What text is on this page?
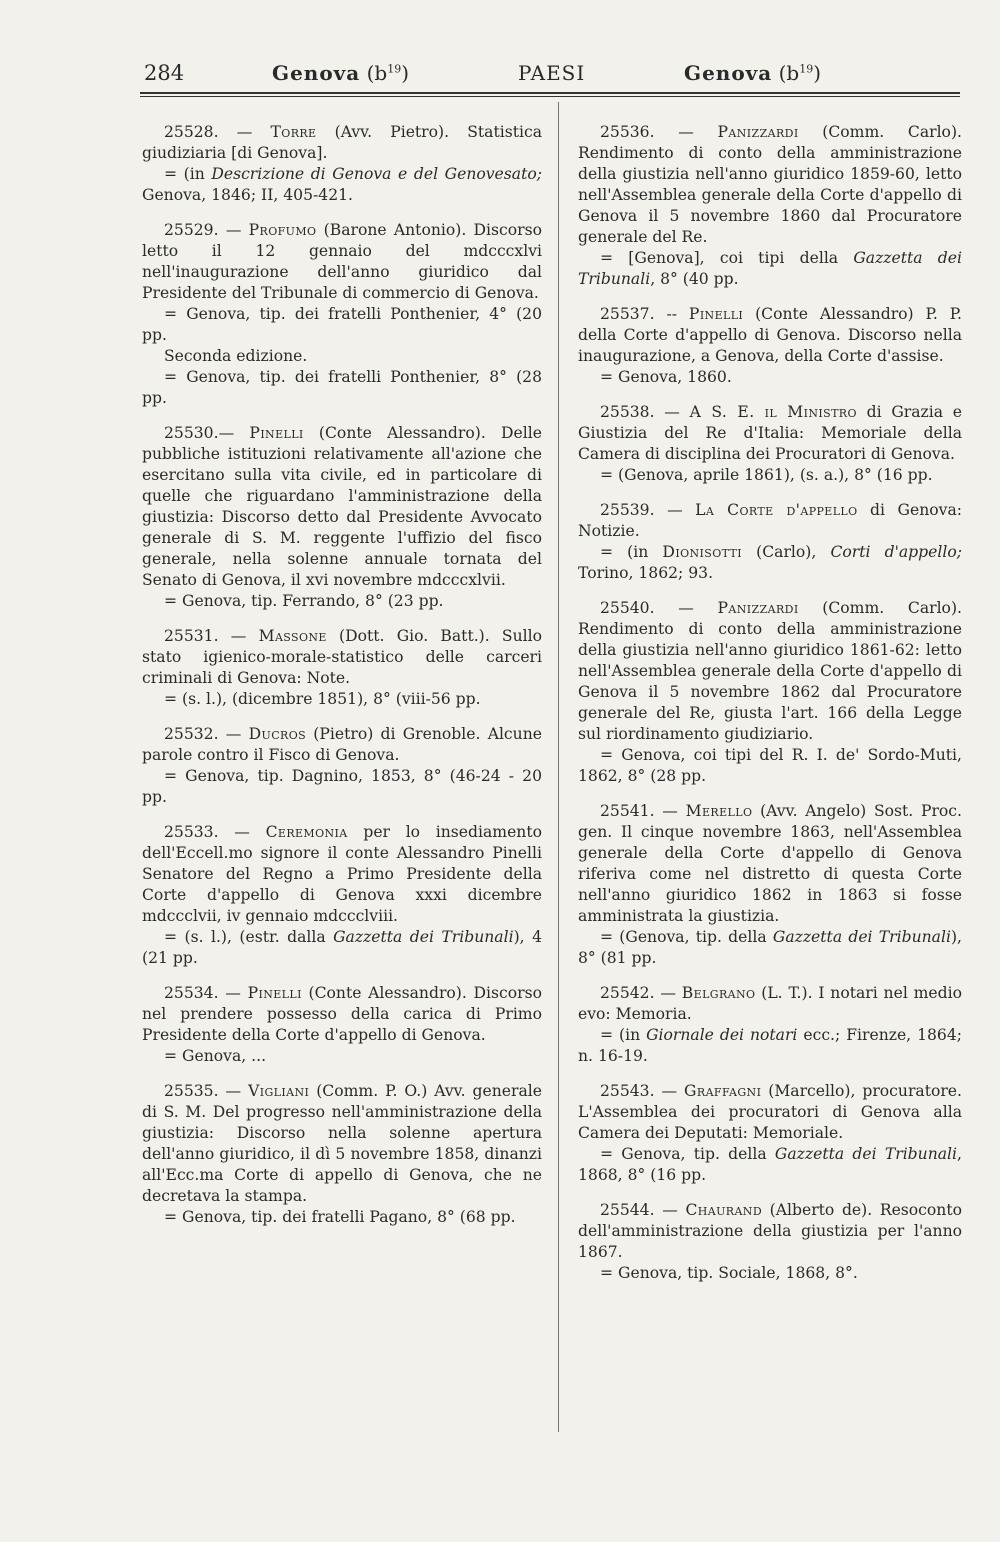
284	Genova $(b^{19})$	PAESI	Genova $(b^{19})$

25528. — Torre (Avv. Pietro). Statistica giudiziaria [di Genova].

= (in Descrizione di Genova e del Genovesato; Genova, 1846; II, 405-421.

25529. — Profumo (Barone Antonio). Discorso letto il 12 gennaio del mdcccxlvi nell'inaugurazione dell'anno giuridico dal Presidente del Tribunale di commercio di Genova.

= Genova, tip. dei fratelli Ponthenier, 4° (20 pp.

Seconda edizione.

= Genova, tip. dei fratelli Ponthenier, 8° (28 pp.

25530.— Pinelli (Conte Alessandro). Delle pubbliche istituzioni relativamente all'azione che esercitano sulla vita civile, ed in particolare di quelle che riguardano l'amministrazione della giustizia: Discorso detto dal Presidente Avvocato generale di S. M. reggente l'uffizio del fisco generale, nella solenne annuale tornata del Senato di Genova, il xvi novembre mdcccxlvii.

= Genova, tip. Ferrando, 8° (23 pp.

25531. — Massone (Dott. Gio. Batt.). Sullo stato igienico-morale-statistico delle carceri criminali di Genova: Note.

= (s. l.), (dicembre 1851), 8° (viii-56 pp.

25532. — Ducros (Pietro) di Grenoble. Alcune parole contro il Fisco di Genova.

= Genova, tip. Dagnino, 1853, 8° (46-24 - 20 pp.

25533. — Ceremonia per lo insediamento dell'Eccell.mo signore il conte Alessandro Pinelli Senatore del Regno a Primo Presidente della Corte d'appello di Genova xxxi dicembre mdccclvii, iv gennaio mdccclviii.

= (s. l.), (estr. dalla Gazzetta dei Tribunali), 4 (21 pp.

25534. — Pinelli (Conte Alessandro). Discorso nel prendere possesso della carica di Primo Presidente della Corte d'appello di Genova.

= Genova, ...

25535. — Vigliani (Comm. P. O.) Avv. generale di S. M. Del progresso nell'amministrazione della giustizia: Discorso nella solenne apertura dell'anno giuridico, il dì 5 novembre 1858, dinanzi all'Ecc.ma Corte di appello di Genova, che ne decretava la stampa.

= Genova, tip. dei fratelli Pagano, 8° (68 pp.

25536. — Panizzardi (Comm. Carlo). Rendimento di conto della amministrazione della giustizia nell'anno giuridico 1859-60, letto nell'Assemblea generale della Corte d'appello di Genova il 5 novembre 1860 dal Procuratore generale del Re.

= [Genova], coi tipi della Gazzetta dei Tribunali, 8° (40 pp.

25537. -- Pinelli (Conte Alessandro) P. P. della Corte d'appello di Genova. Discorso nella inaugurazione, a Genova, della Corte d'assise.

= Genova, 1860.

25538. — A S. E. il Ministro di Grazia e Giustizia del Re d'Italia: Memoriale della Camera di disciplina dei Procuratori di Genova.

= (Genova, aprile 1861), (s. a.), 8° (16 pp.

25539. — La Corte d'appello di Genova: Notizie.

= (in Dionisotti (Carlo), Corti d'appello; Torino, 1862; 93.

25540. — Panizzardi (Comm. Carlo). Rendimento di conto della amministrazione della giustizia nell'anno giuridico 1861-62: letto nell'Assemblea generale della Corte d'appello di Genova il 5 novembre 1862 dal Procuratore generale del Re, giusta l'art. 166 della Legge sul riordinamento giudiziario.

= Genova, coi tipi del R. I. de' Sordo-Muti, 1862, 8° (28 pp.

25541. — Merello (Avv. Angelo) Sost. Proc. gen. Il cinque novembre 1863, nell'Assemblea generale della Corte d'appello di Genova riferiva come nel distretto di questa Corte nell'anno giuridico 1862 in 1863 si fosse amministrata la giustizia.

= (Genova, tip. della Gazzetta dei Tribunali), 8° (81 pp.

25542. — Belgrano (L. T.). I notari nel medio evo: Memoria.

= (in Giornale dei notari ecc.; Firenze, 1864; n. 16-19.

25543. — Graffagni (Marcello), procuratore. L'Assemblea dei procuratori di Genova alla Camera dei Deputati: Memoriale.

= Genova, tip. della Gazzetta dei Tribunali, 1868, 8° (16 pp.

25544. — Chaurand (Alberto de). Resoconto dell'amministrazione della giustizia per l'anno 1867.

= Genova, tip. Sociale, 1868, 8°.
